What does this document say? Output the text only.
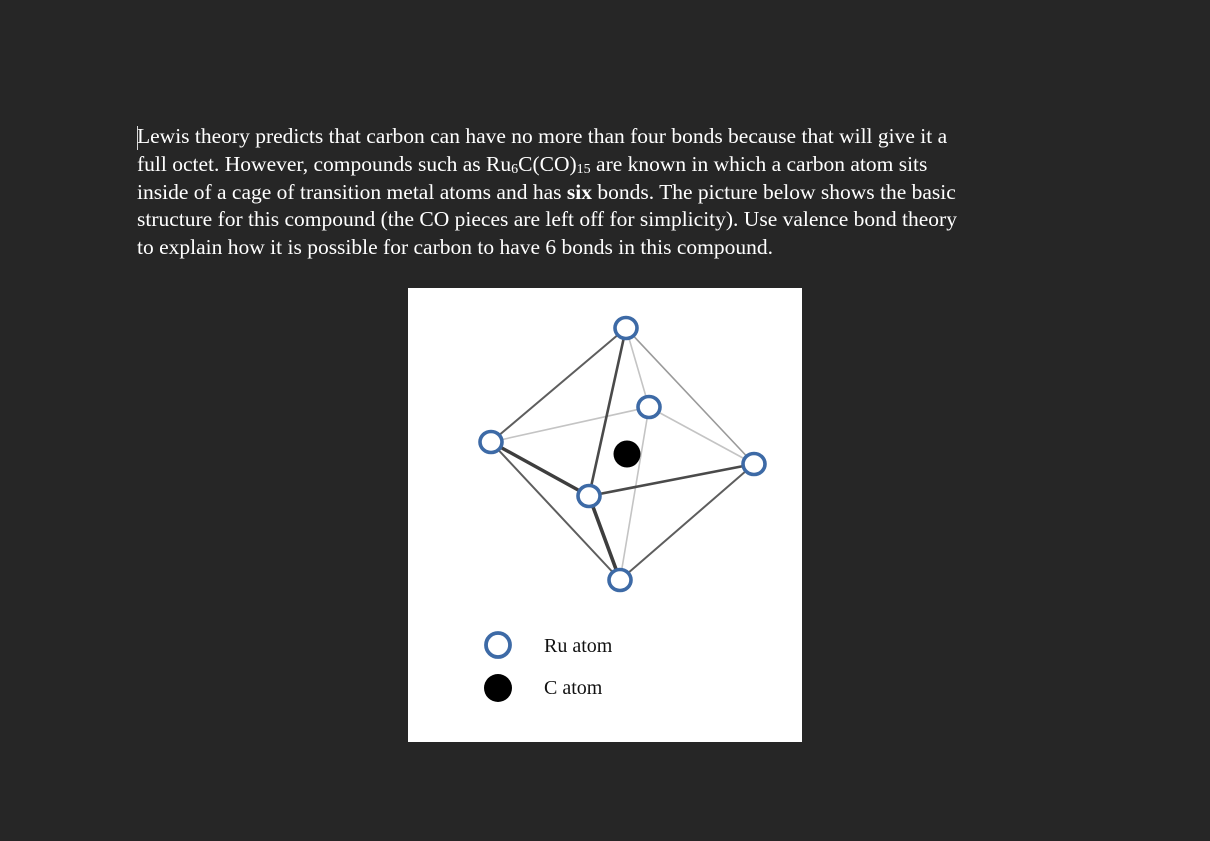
Lewis theory predicts that carbon can have no more than four bonds because that will give it a
full octet. However, compounds such as $Ru_6C(CO)_{15}$ are known in which a carbon atom sits
inside of a cage of transition metal atoms and has six bonds. The picture below shows the basic
structure for this compound (the CO pieces are left off for simplicity). Use valence bond theory
to explain how it is possible for carbon to have 6 bonds in this compound.

Ru atom
C atom
